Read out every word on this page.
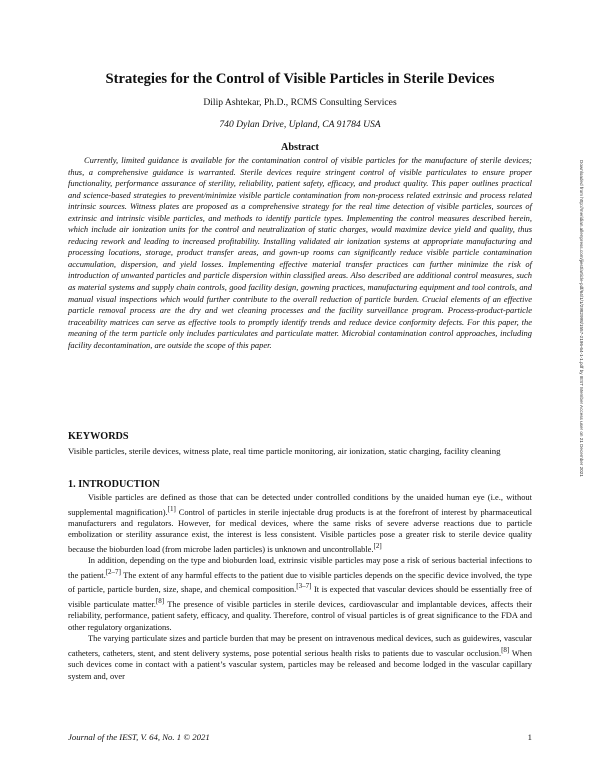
Strategies for the Control of Visible Particles in Sterile Devices
Dilip Ashtekar, Ph.D., RCMS Consulting Services
740 Dylan Drive, Upland, CA 91784 USA
Abstract

Currently, limited guidance is available for the contamination control of visible particles for the manufacture of sterile devices; thus, a comprehensive guidance is warranted. Sterile devices require stringent control of visible particulates to ensure proper functionality, performance assurance of sterility, reliability, patient safety, efficacy, and product quality. This paper outlines practical and science-based strategies to prevent/minimize visible particle contamination from non-process related extrinsic and process related intrinsic sources. Witness plates are proposed as a comprehensive strategy for the real time detection of visible particles, sources of extrinsic and intrinsic visible particles, and methods to identify particle types. Implementing the control measures described herein, which include air ionization units for the control and neutralization of static charges, would maximize device yield and quality, thus reducing rework and leading to increased profitability. Installing validated air ionization systems at appropriate manufacturing and processing locations, storage, product transfer areas, and gown-up rooms can significantly reduce visible particle contamination accumulation, dispersion, and yield losses. Implementing effective material transfer practices can further minimize the risk of introduction of unwanted particles and particle dispersion within classified areas. Also described are additional control measures, such as material systems and supply chain controls, good facility design, gowning practices, manufacturing equipment and tool controls, and manual visual inspections which would further contribute to the overall reduction of particle burden. Crucial elements of an effective particle removal process are the dry and wet cleaning processes and the facility surveillance program. Process-product-particle traceability matrices can serve as effective tools to promptly identify trends and reduce device conformity defects. For this paper, the meaning of the term particle only includes particulates and particulate matter. Microbial contamination control approaches, including facility decontamination, are outside the scope of this paper.

KEYWORDS

Visible particles, sterile devices, witness plate, real time particle monitoring, air ionization, static charging, facility cleaning

1. INTRODUCTION

Visible particles are defined as those that can be detected under controlled conditions by the unaided human eye (i.e., without supplemental magnification).[1] Control of particles in sterile injectable drug products is at the forefront of interest by pharmaceutical manufacturers and regulators. However, for medical devices, where the same risks of severe adverse reactions due to particle embolization or sterility assurance exist, the interest is less consistent. Visible particles pose a greater risk to sterile device quality because the bioburden load (from microbe laden particles) is unknown and uncontrollable.[2]

In addition, depending on the type and bioburden load, extrinsic visible particles may pose a risk of serious bacterial infections to the patient.[2–7] The extent of any harmful effects to the patient due to visible particles depends on the specific device involved, the type of particle, particle burden, size, shape, and chemical composition.[3–7] It is expected that vascular devices should be essentially free of visible particulate matter.[8] The presence of visible particles in sterile devices, cardiovascular and implantable devices, affects their reliability, performance, patient safety, efficacy, and quality. Therefore, control of visual particles is of great significance to the FDA and other regulatory organizations.

The varying particulate sizes and particle burden that may be present on intravenous medical devices, such as guidewires, vascular catheters, catheters, stent, and stent delivery systems, pose potential serious health risks to patients due to vascular occlusion.[8] When such devices come in contact with a patient’s vascular system, particles may be released and become lodged in the vascular capillary system and, over

Journal of the IEST, V. 64, No. 1 © 2021	1
Downloaded from http://meridian.allenpress.com/jiest/article-pdf/64/1/1/2982998/1557-2196-64-1-1.pdf by IEST Member Access user on 21 December 2021
